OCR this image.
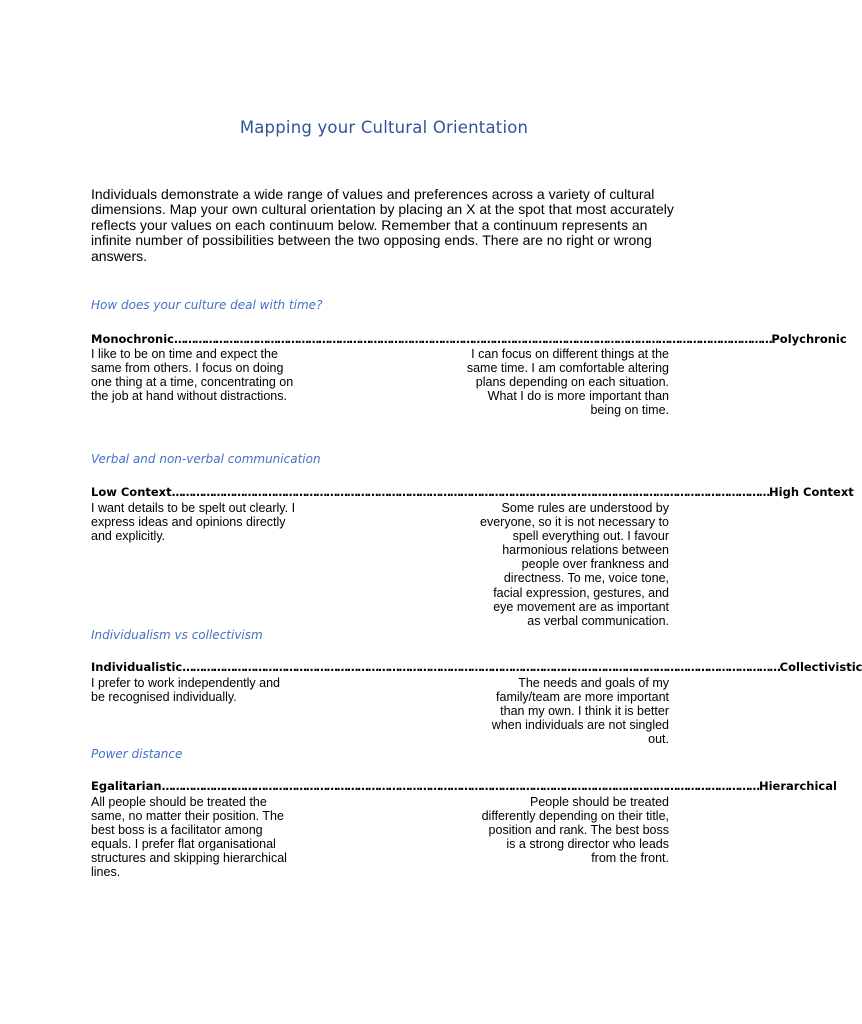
Mapping your Cultural Orientation

Individuals demonstrate a wide range of values and preferences across a variety of cultural dimensions. Map your own cultural orientation by placing an X at the spot that most accurately reflects your values on each continuum below. Remember that a continuum represents an infinite number of possibilities between the two opposing ends. There are no right or wrong answers.

How does your culture deal with time?

Monochronic ………………………………………………………………………………………………………………………………………………………… Polychronic

I like to be on time and expect the same from others. I focus on doing one thing at a time, concentrating on the job at hand without distractions.

I can focus on different things at the same time. I am comfortable altering plans depending on each situation. What I do is more important than being on time.

Verbal and non-verbal communication

Low Context ………………………………………………………………………………………………………………………………………………………… High Context

I want details to be spelt out clearly. I express ideas and opinions directly and explicitly.

Some rules are understood by everyone, so it is not necessary to spell everything out. I favour harmonious relations between people over frankness and directness. To me, voice tone, facial expression, gestures, and eye movement are as important as verbal communication.

Individualism vs collectivism

Individualistic ………………………………………………………………………………………………………………………………………………………… Collectivistic

I prefer to work independently and be recognised individually.

The needs and goals of my family/team are more important than my own. I think it is better when individuals are not singled out.

Power distance

Egalitarian ………………………………………………………………………………………………………………………………………………………… Hierarchical

All people should be treated the same, no matter their position. The best boss is a facilitator among equals. I prefer flat organisational structures and skipping hierarchical lines.

People should be treated differently depending on their title, position and rank. The best boss is a strong director who leads from the front.
